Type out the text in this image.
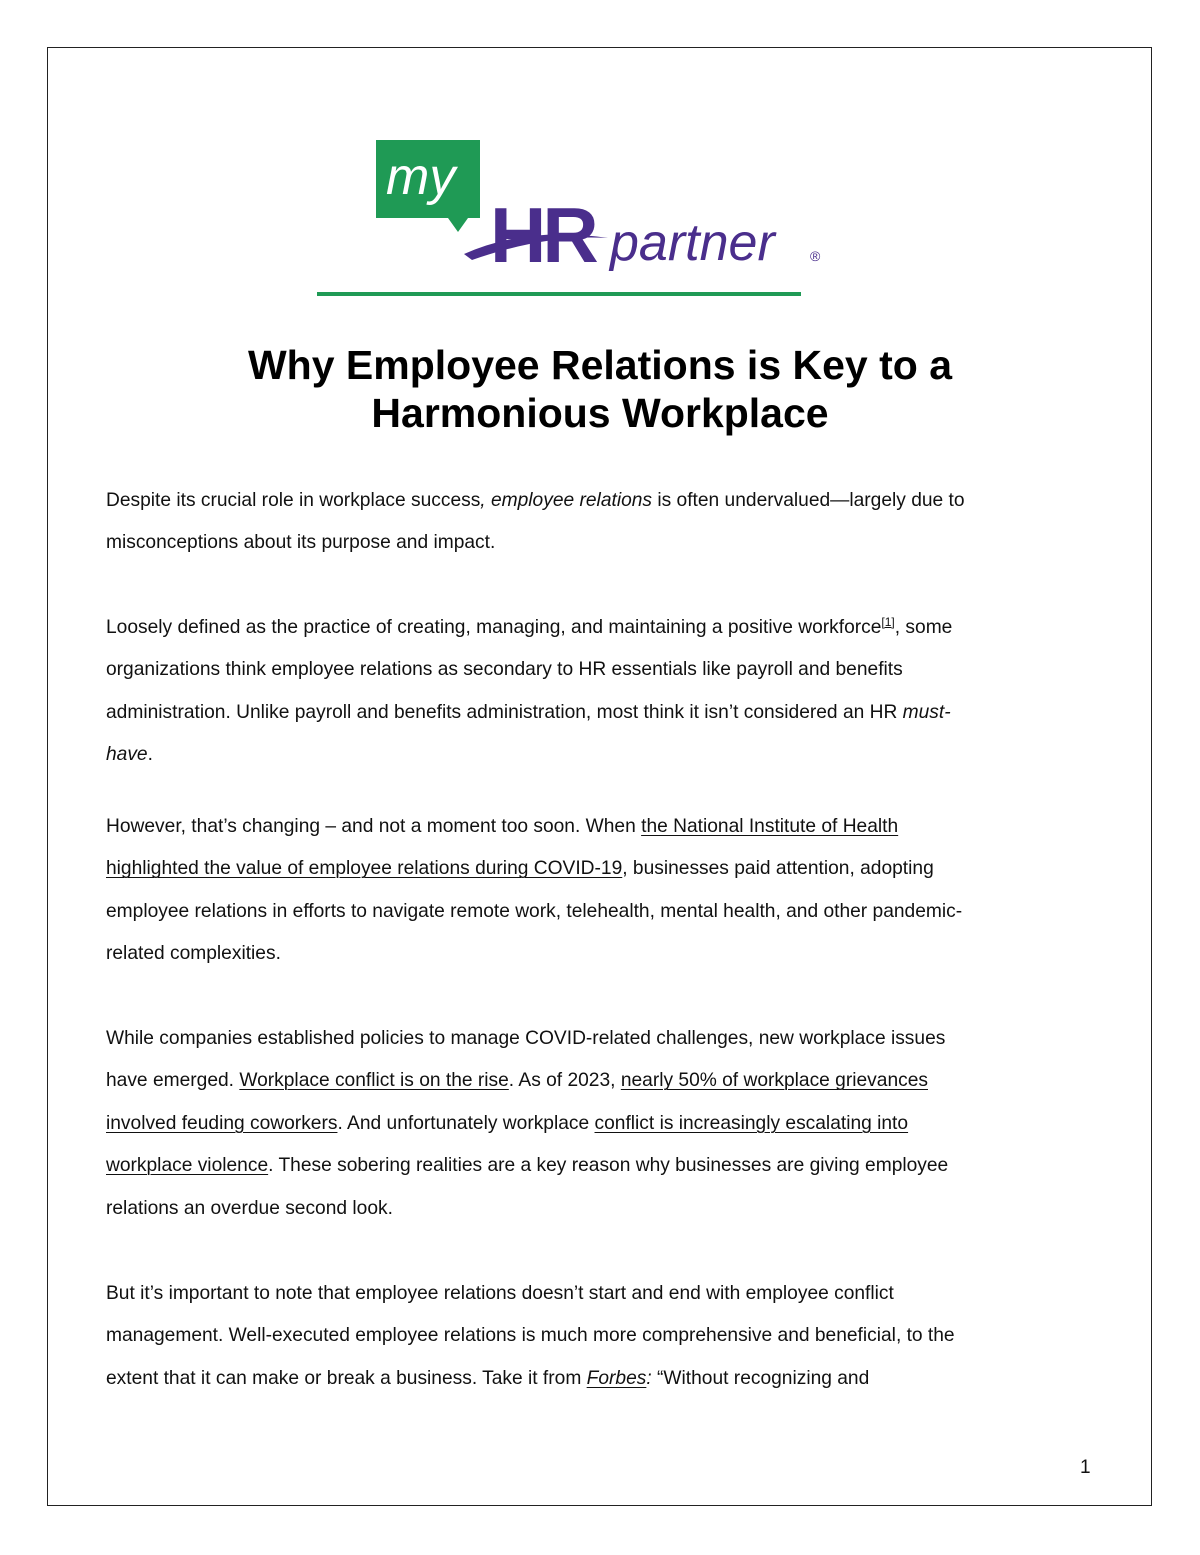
my
HR partner	®
Why Employee Relations is Key to a
Harmonious Workplace

Despite its crucial role in workplace success, employee relations is often undervalued—largely due to
misconceptions about its purpose and impact.

Loosely defined as the practice of creating, managing, and maintaining a positive workforce[1], some
organizations think employee relations as secondary to HR essentials like payroll and benefits
administration. Unlike payroll and benefits administration, most think it isn’t considered an HR must-
have.

However, that’s changing – and not a moment too soon. When the National Institute of Health
highlighted the value of employee relations during COVID-19, businesses paid attention, adopting
employee relations in efforts to navigate remote work, telehealth, mental health, and other pandemic-
related complexities.

While companies established policies to manage COVID-related challenges, new workplace issues
have emerged. Workplace conflict is on the rise. As of 2023, nearly 50% of workplace grievances
involved feuding coworkers. And unfortunately workplace conflict is increasingly escalating into
workplace violence. These sobering realities are a key reason why businesses are giving employee
relations an overdue second look.

But it’s important to note that employee relations doesn’t start and end with employee conflict
management. Well-executed employee relations is much more comprehensive and beneficial, to the
extent that it can make or break a business. Take it from Forbes: “Without recognizing and

1
